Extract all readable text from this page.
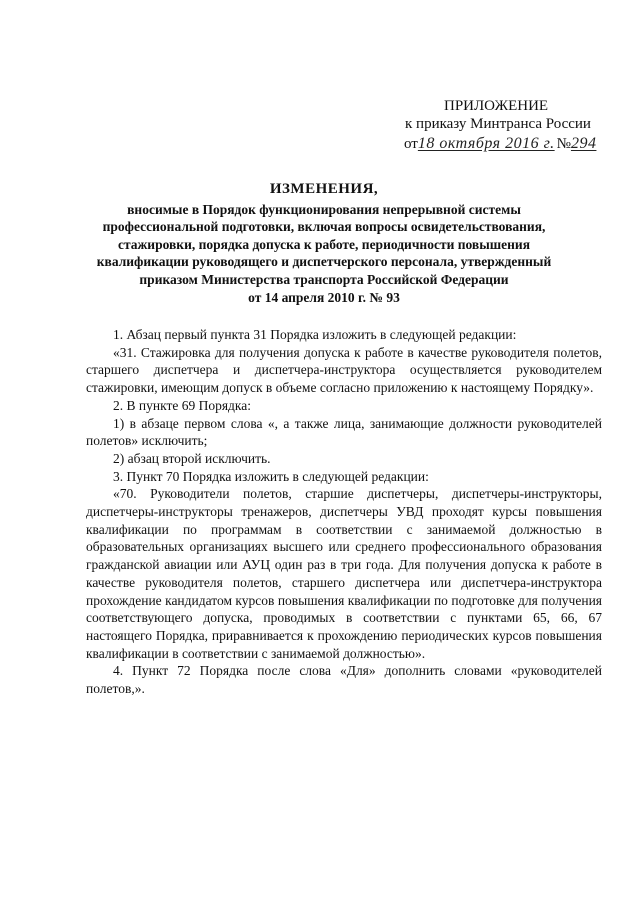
ПРИЛОЖЕНИЕ
к приказу Минтранса России
от18 октября 2016 г. №294
ИЗМЕНЕНИЯ,
вносимые в Порядок функционирования непрерывной системы
профессиональной подготовки, включая вопросы освидетельствования,
стажировки, порядка допуска к работе, периодичности повышения
квалификации руководящего и диспетчерского персонала, утвержденный
приказом Министерства транспорта Российской Федерации
от 14 апреля 2010 г. № 93

1. Абзац первый пункта 31 Порядка изложить в следующей редакции:

«31. Стажировка для получения допуска к работе в качестве руководителя полетов, старшего диспетчера и диспетчера-инструктора осуществляется руководителем стажировки, имеющим допуск в объеме согласно приложению к настоящему Порядку».

2. В пункте 69 Порядка:

1) в абзаце первом слова «, а также лица, занимающие должности руководителей полетов» исключить;

2) абзац второй исключить.

3. Пункт 70 Порядка изложить в следующей редакции:

«70. Руководители полетов, старшие диспетчеры, диспетчеры-инструкторы, диспетчеры-инструкторы тренажеров, диспетчеры УВД проходят курсы повышения квалификации по программам в соответствии с занимаемой должностью в образовательных организациях высшего или среднего профессионального образования гражданской авиации или АУЦ один раз в три года. Для получения допуска к работе в качестве руководителя полетов, старшего диспетчера или диспетчера-инструктора прохождение кандидатом курсов повышения квалификации по подготовке для получения соответствующего допуска, проводимых в соответствии с пунктами 65, 66, 67 настоящего Порядка, приравнивается к прохождению периодических курсов повышения квалификации в соответствии с занимаемой должностью».

4. Пункт 72 Порядка после слова «Для» дополнить словами «руководителей полетов,».
